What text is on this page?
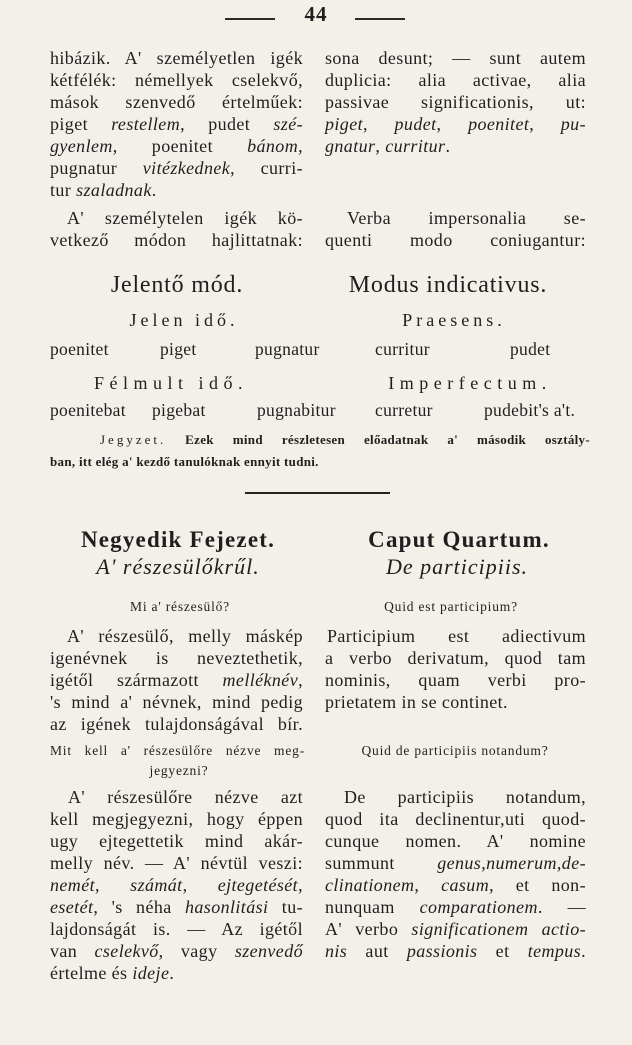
44
hibázik. A' személyetlen igék
kétfélék: némellyek cselekvő,
mások szenvedő értelműek:
piget restellem, pudet szé-
gyenlem, poenitet bánom,
pugnatur vitézkednek, curri-
tur szaladnak.
A' személytelen igék kö-
vetkező módon hajlittatnak:
sona desunt; — sunt autem
duplicia: alia activae, alia
passivae significationis, ut:
piget, pudet, poenitet, pu-
gnatur, curritur.
Verba impersonalia se-
quenti modo coniugantur:
Jelentő mód.	Modus indicativus.
Jelen idő.	Praesens.
poenitet	piget	pugnatur	curritur	pudet
Félmult idő.	Imperfectum.
poenitebat pigebat	pugnabitur curretur	pudebit's a't.
Jegyzet. Ezek mind részletesen előadatnak a' második osztály-
ban, itt elég a' kezdő tanulóknak ennyit tudni.
Negyedik Fejezet.	Caput Quartum.
A' részesülőkrűl.	De participiis.
Mi a' részesülő?	Quid est participium?
A' részesülő, melly máskép
igenévnek is neveztethetik,
igétől származott melléknév,
's mind a' névnek, mind pedig
az igének tulajdonságával bír.
Participium est adiectivum
a verbo derivatum, quod tam
nominis, quam verbi pro-
prietatem in se continet.
Mit kell a' részesülőre nézve meg-
jegyezni?
Quid de participiis notandum?
A' részesülőre nézve azt
kell megjegyezni, hogy éppen
ugy ejtegettetik mind akár-
melly név. — A' névtül veszi:
nemét, számát, ejtegetését,
esetét, 's néha hasonlitási tu-
lajdonságát is. — Az igétől
van cselekvő, vagy szenvedő
értelme és ideje.
De participiis notandum,
quod ita declinentur,uti quod-
cunque nomen. A' nomine
summunt genus,numerum,de-
clinationem, casum, et non-
nunquam comparationem. —
A' verbo significationem actio-
nis aut passionis et tempus.
